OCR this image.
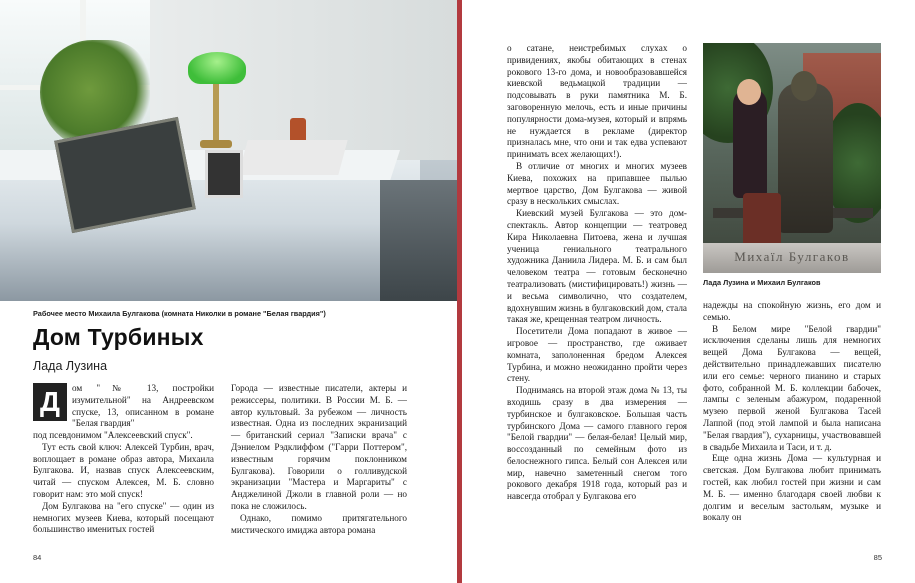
Рабочее место Михаила Булгакова (комната Николки в романе "Белая гвардия")
Дом Турбиных
Лада Лузина
Д	ом "№ 13, постройки изумительной" на Андреевском спуске, 13, описанном в романе "Белая гвардия"

под псевдонимом "Алексеевский спуск".

Тут есть свой ключ: Алексей Турбин, врач, воплощает в романе образ автора, Михаила Булгакова. И, назвав спуск Алексеевским, читай — спуском Алексея, М. Б. словно говорит нам: это мой спуск!

Дом Булгакова на "его спуске" — один из немногих музеев Киева, который посещают большинство именитых гостей

Города — известные писатели, актеры и режиссеры, политики. В России М. Б. — автор культовый. За рубежом — личность известная. Одна из последних экранизаций — британский сериал "Записки врача" с Дэниелом Рэдклиффом ("Гарри Поттером", известным горячим поклонником Булгакова). Говорили о голливудской экранизации "Мастера и Маргариты" с Анджелиной Джоли в главной роли — но пока не сложилось.

Однако, помимо притягательного мистического имиджа автора романа

84

о сатане, неистребимых слухах о привидениях, якобы обитающих в стенах рокового 13-го дома, и новообразовавшейся киевской ведьмацкой традиции — подсовывать в руки памятника М. Б. заговоренную мелочь, есть и иные причины популярности дома-музея, который и впрямь не нуждается в рекламе (директор призналась мне, что они и так едва успевают принимать всех желающих!).

В отличие от многих и многих музеев Киева, похожих на припавшее пылью мертвое царство, Дом Булгакова — живой сразу в нескольких смыслах.

Киевский музей Булгакова — это дом-спектакль. Автор концепции — театровед Кира Николаевна Питоева, жена и лучшая ученица гениального театрального художника Даниила Лидера. М. Б. и сам был человеком театра — готовым бесконечно театрализовать (мистифицировать!) жизнь — и весьма символично, что создателем, вдохнувшим жизнь в булгаковский дом, стала такая же, крещенная театром личность.

Посетители Дома попадают в живое — игровое — пространство, где оживает комната, заполоненная бредом Алексея Турбина, и можно неожиданно пройти через стену.

Поднимаясь на второй этаж дома № 13, ты входишь сразу в два измерения — турбинское и булгаковское. Большая часть турбинского Дома — самого главного героя "Белой гвардии" — белая-белая! Целый мир, воссозданный по семейным фото из белоснежного гипса. Белый сон Алексея или мир, навечно заметенный снегом того рокового декабря 1918 года, который раз и навсегда отобрал у Булгакова его

Михаїл Булгаков
Лада Лузина и Михаил Булгаков

надежды на спокойную жизнь, его дом и семью.

В Белом мире "Белой гвардии" исключения сделаны лишь для немногих вещей Дома Булгакова — вещей, действительно принадлежавших писателю или его семье: черного пианино и старых фото, собранной М. Б. коллекции бабочек, лампы с зеленым абажуром, подаренной музею первой женой Булгакова Тасей Лаппой (под этой лампой и была написана "Белая гвардия"), сухарницы, участвовавшей в свадьбе Михаила и Таси, и т. д.

Еще одна жизнь Дома — культурная и светская. Дом Булгакова любит принимать гостей, как любил гостей при жизни и сам М. Б. — именно благодаря своей любви к долгим и веселым застольям, музыке и вокалу он

85
